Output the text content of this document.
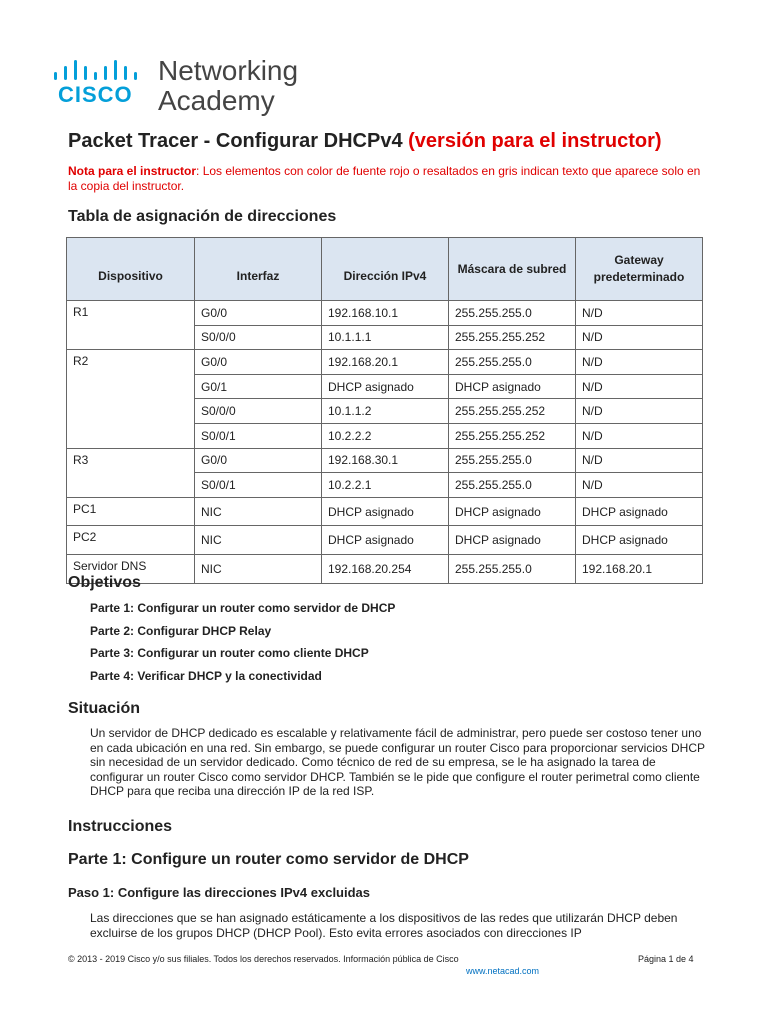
CISCO
Networking
Academy
Packet Tracer - Configurar DHCPv4 (versión para el instructor)
Nota para el instructor: Los elementos con color de fuente rojo o resaltados en gris indican texto que aparece solo en la copia del instructor.
Tabla de asignación de direcciones
Dispositivo	Interfaz	Dirección IPv4	Máscara de subred	Gateway predeterminado
R1	G0/0	192.168.10.1	255.255.255.0	N/D
	S0/0/0	10.1.1.1	255.255.255.252	N/D
R2	G0/0	192.168.20.1	255.255.255.0	N/D
	G0/1	DHCP asignado	DHCP asignado	N/D
	S0/0/0	10.1.1.2	255.255.255.252	N/D
	S0/0/1	10.2.2.2	255.255.255.252	N/D
R3	G0/0	192.168.30.1	255.255.255.0	N/D
	S0/0/1	10.2.2.1	255.255.255.0	N/D
PC1	NIC	DHCP asignado	DHCP asignado	DHCP asignado
PC2	NIC	DHCP asignado	DHCP asignado	DHCP asignado
Servidor DNS	NIC	192.168.20.254	255.255.255.0	192.168.20.1
Objetivos
Parte 1: Configurar un router como servidor de DHCP
Parte 2: Configurar DHCP Relay
Parte 3: Configurar un router como cliente DHCP
Parte 4: Verificar DHCP y la conectividad
Situación
Un servidor de DHCP dedicado es escalable y relativamente fácil de administrar, pero puede ser costoso tener uno en cada ubicación en una red. Sin embargo, se puede configurar un router Cisco para proporcionar servicios DHCP sin necesidad de un servidor dedicado. Como técnico de red de su empresa, se le ha asignado la tarea de configurar un router Cisco como servidor DHCP. También se le pide que configure el router perimetral como cliente DHCP para que reciba una dirección IP de la red ISP.
Instrucciones
Parte 1: Configure un router como servidor de DHCP
Paso 1: Configure las direcciones IPv4 excluidas
Las direcciones que se han asignado estáticamente a los dispositivos de las redes que utilizarán DHCP deben excluirse de los grupos DHCP (DHCP Pool). Esto evita errores asociados con direcciones IP
© 2013 - 2019 Cisco y/o sus filiales. Todos los derechos reservados. Información pública de Cisco	Página 1 de 4
www.netacad.com
